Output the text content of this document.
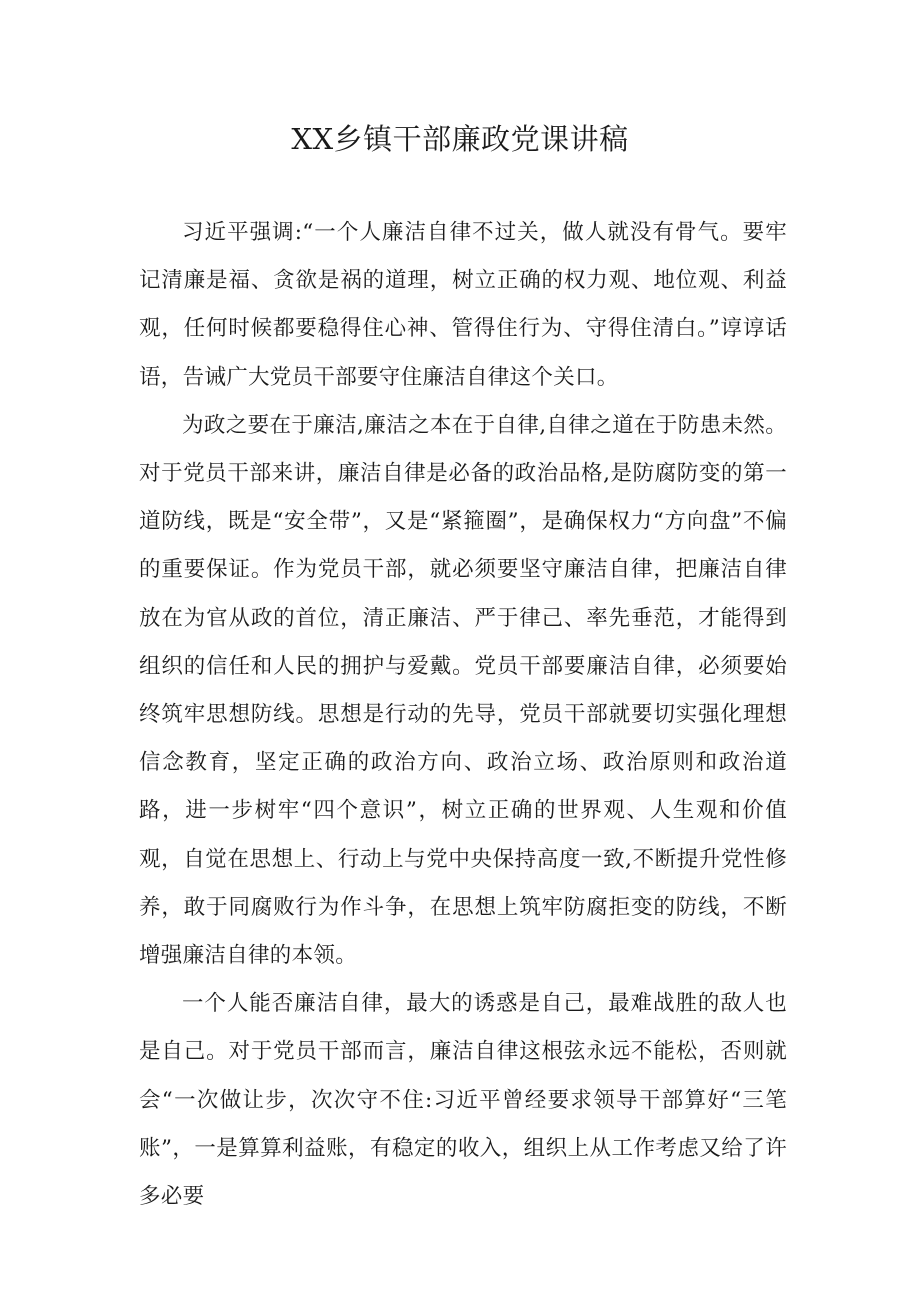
XX乡镇干部廉政党课讲稿

习近平强调:“一个人廉洁自律不过关，做人就没有骨气。要牢记清廉是福、贪欲是祸的道理，树立正确的权力观、地位观、利益观，任何时候都要稳得住心神、管得住行为、守得住清白。”谆谆话语，告诫广大党员干部要守住廉洁自律这个关口。

为政之要在于廉洁,廉洁之本在于自律,自律之道在于防患未然。对于党员干部来讲，廉洁自律是必备的政治品格,是防腐防变的第一道防线，既是“安全带”，又是“紧箍圈”，是确保权力“方向盘”不偏的重要保证。作为党员干部，就必须要坚守廉洁自律，把廉洁自律放在为官从政的首位，清正廉洁、严于律己、率先垂范，才能得到组织的信任和人民的拥护与爱戴。党员干部要廉洁自律，必须要始终筑牢思想防线。思想是行动的先导，党员干部就要切实强化理想信念教育，坚定正确的政治方向、政治立场、政治原则和政治道路，进一步树牢“四个意识”，树立正确的世界观、人生观和价值观，自觉在思想上、行动上与党中央保持高度一致,不断提升党性修养，敢于同腐败行为作斗争，在思想上筑牢防腐拒变的防线，不断增强廉洁自律的本领。

一个人能否廉洁自律，最大的诱惑是自己，最难战胜的敌人也是自己。对于党员干部而言，廉洁自律这根弦永远不能松，否则就会“一次做让步，次次守不住:习近平曾经要求领导干部算好“三笔账”，一是算算利益账，有稳定的收入，组织上从工作考虑又给了许多必要
